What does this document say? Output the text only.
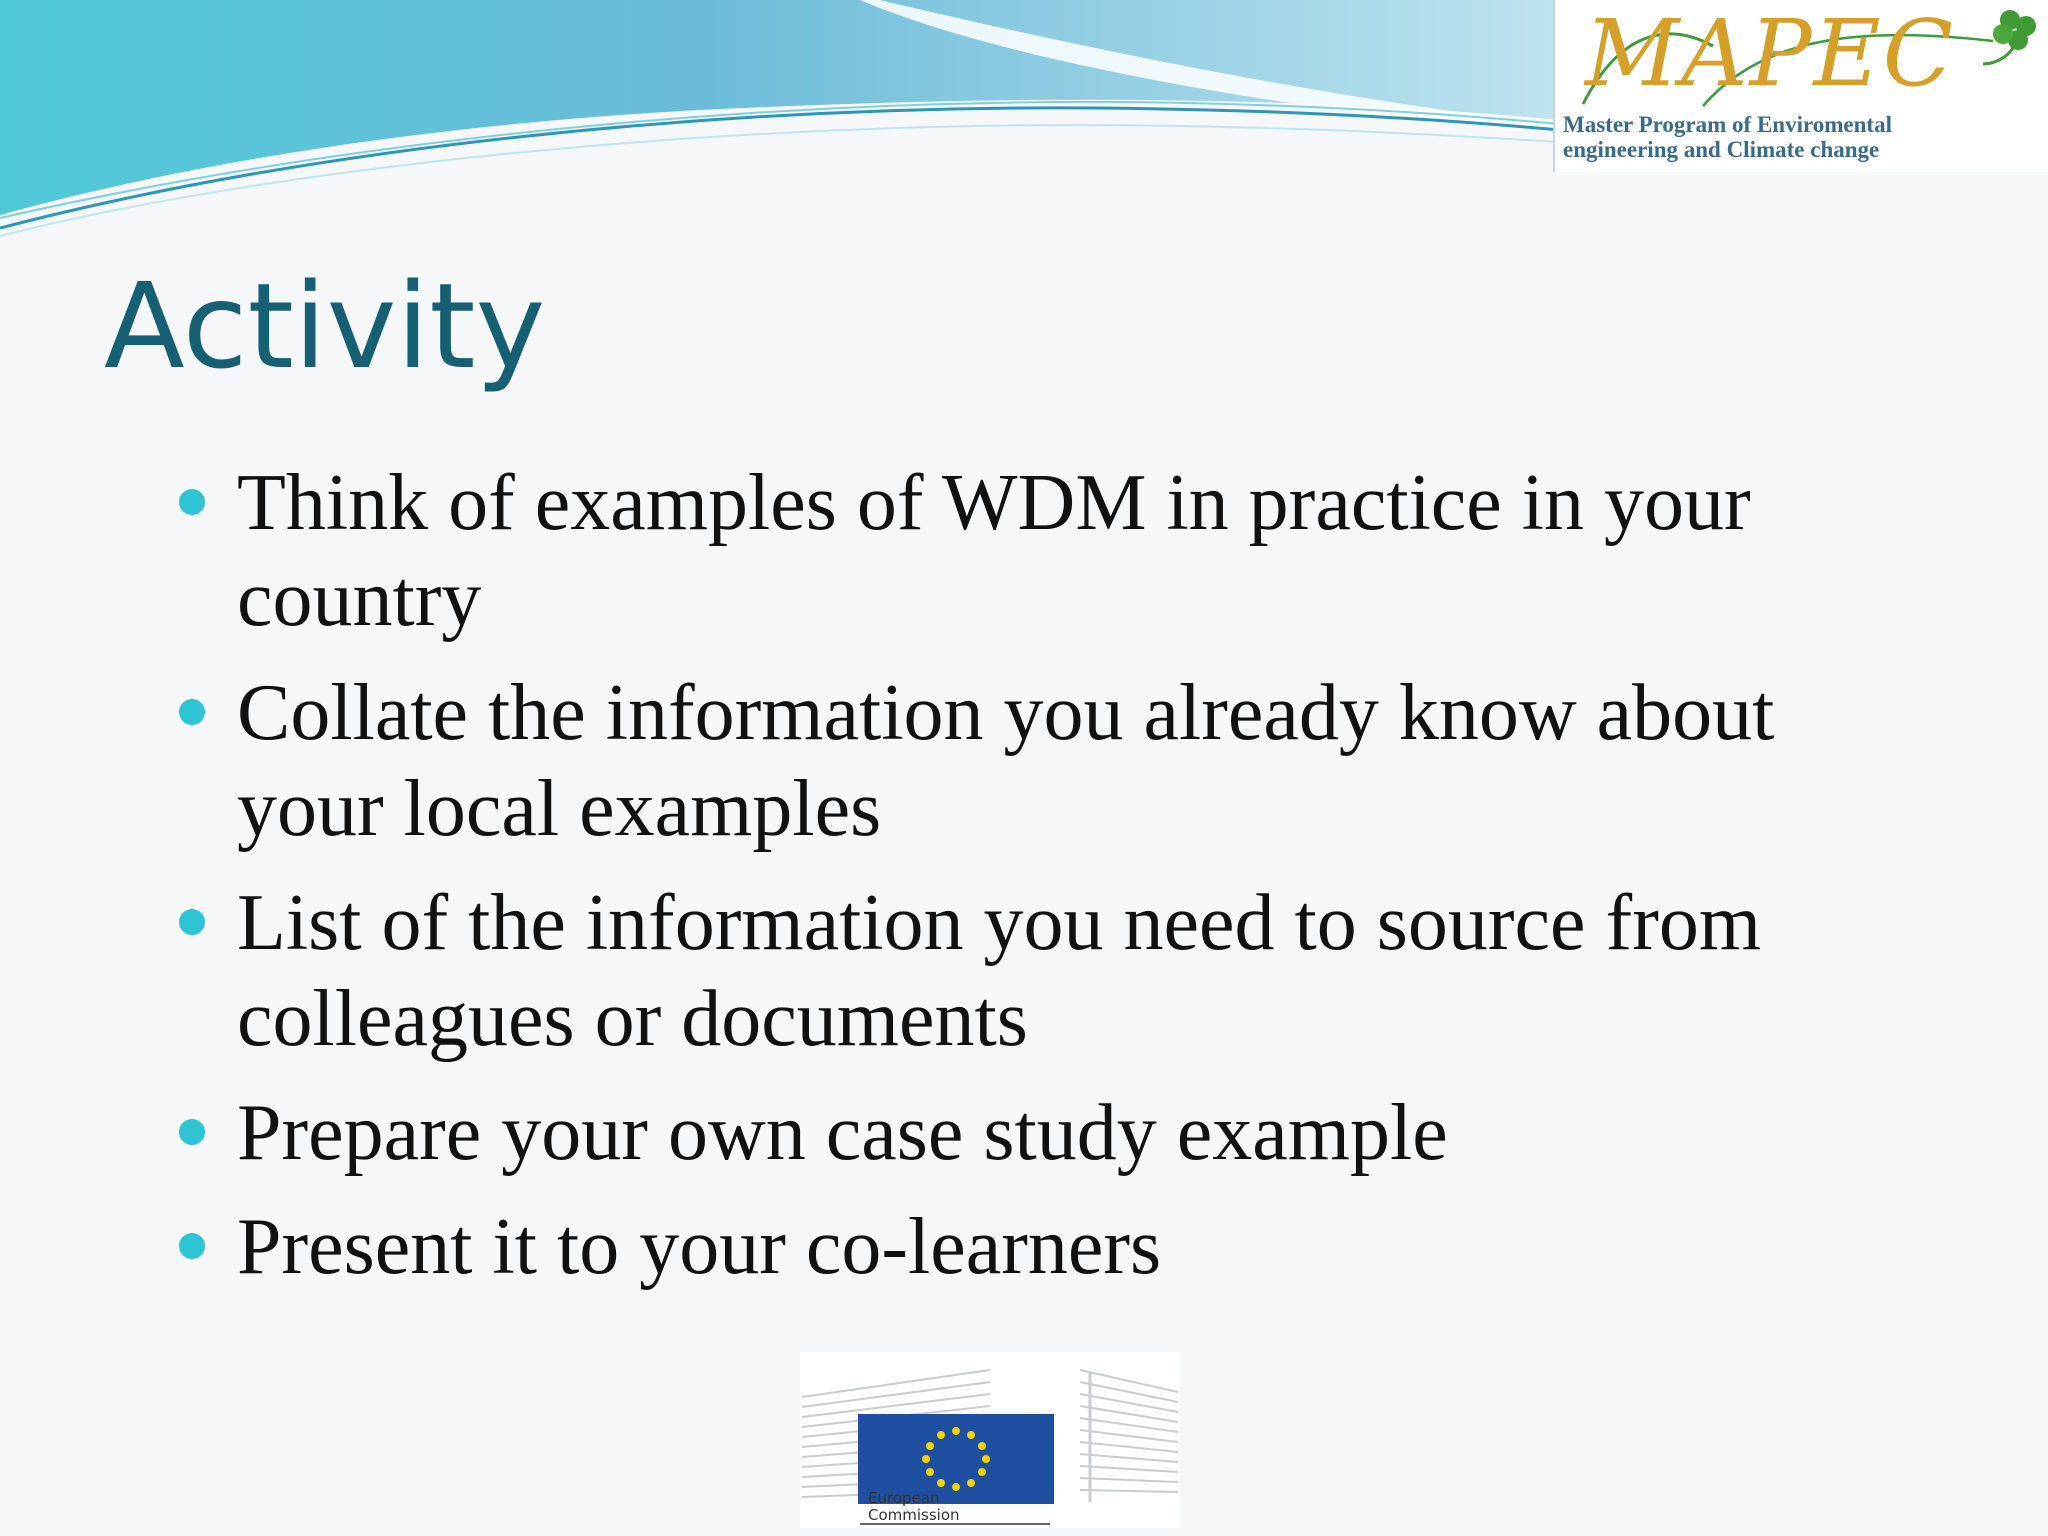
MAPEC
Master Program of Enviromental
engineering and Climate change
Activity
Think of examples of WDM in practice in your country
Collate the information you already know about your local examples
List of the information you need to source from colleagues or documents
Prepare your own case study example
Present it to your co-learners
European
Commission
